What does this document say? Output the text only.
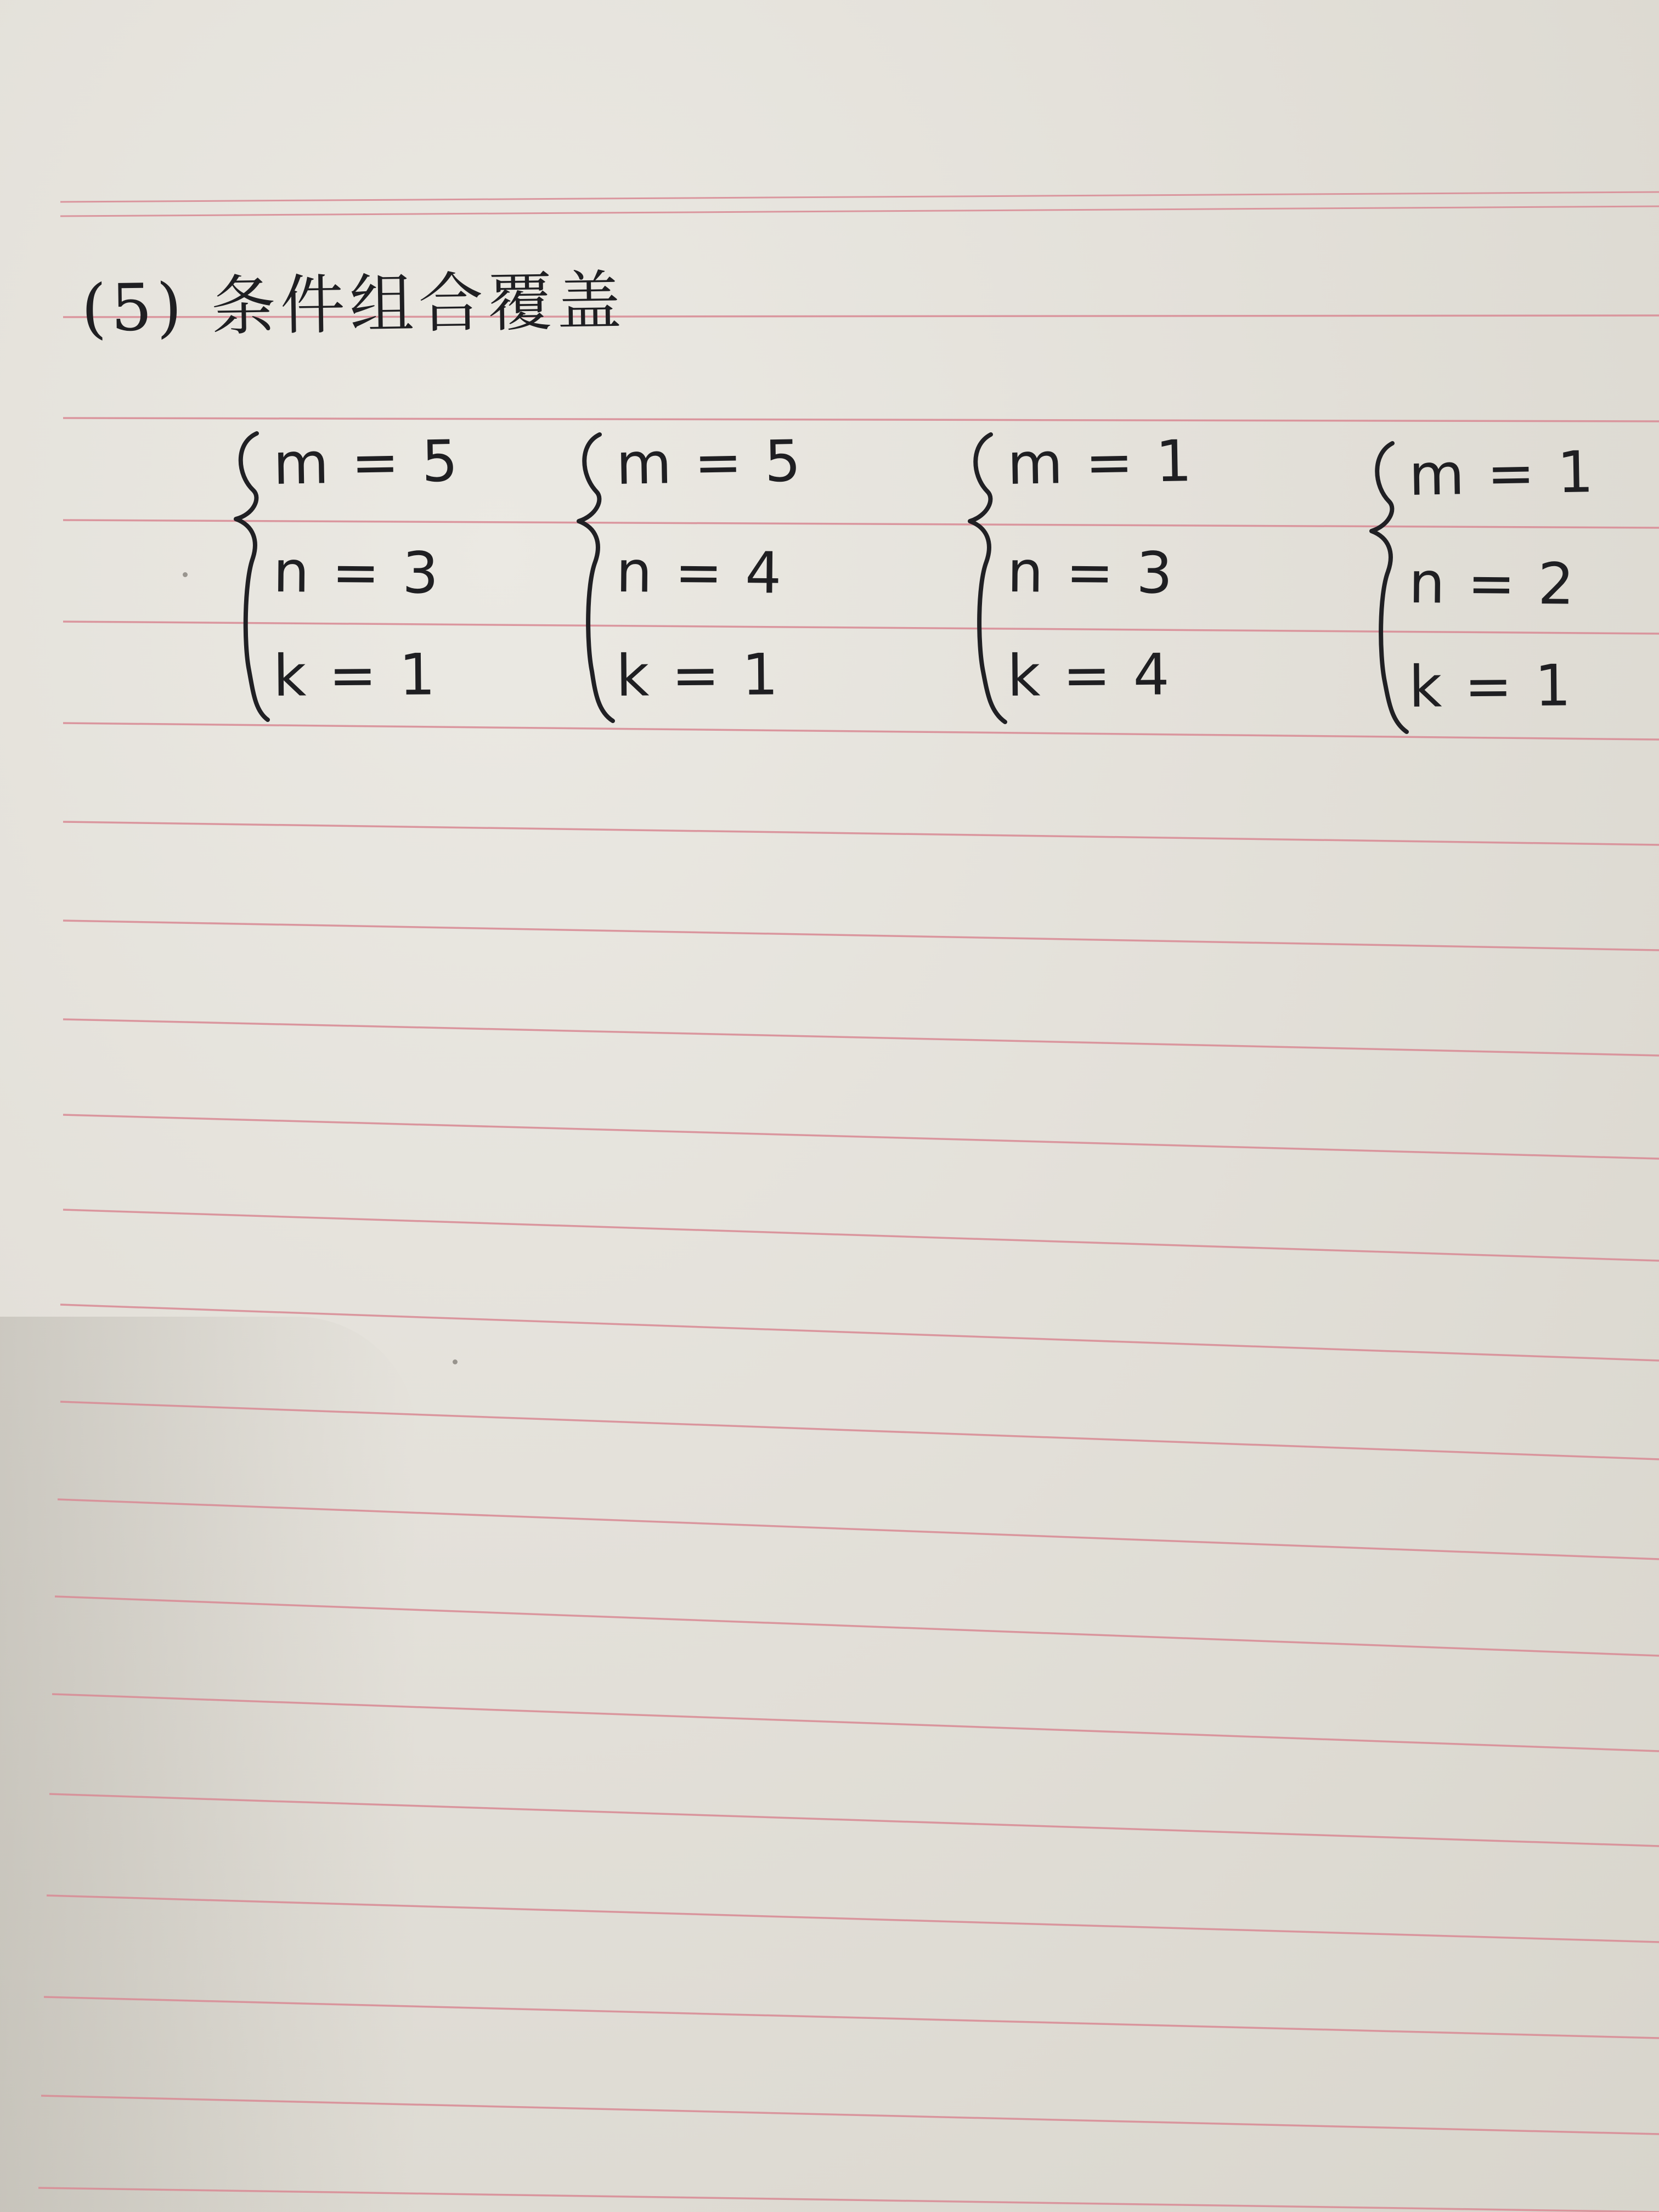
(5) 条件组合覆盖
m = 5
n = 3
k = 1
m = 5
n = 4
k = 1
m = 1
n = 3
k = 4
m = 1
n = 2
k = 1
